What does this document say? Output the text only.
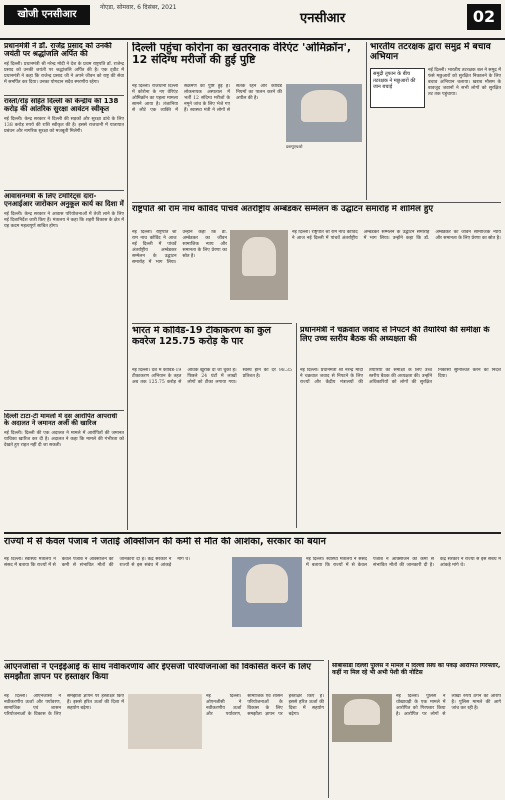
खोजी एनसीआर
नोएडा, सोमवार, 6 दिसंबर, 2021
एनसीआर	02
प्रधानमंत्री ने डॉ. राजेंद्र प्रसाद को उनकी जयंती पर श्रद्धांजलि अर्पित की
नई दिल्ली। प्रधानमंत्री श्री नरेन्द्र मोदी ने देश के प्रथम राष्ट्रपति डॉ. राजेन्द्र प्रसाद को उनकी जयंती पर श्रद्धांजलि अर्पित की है। एक ट्वीट में प्रधानमंत्री ने कहा कि राजेन्द्र प्रसाद जी ने अपने जीवन को राष्ट्र की सेवा में समर्पित कर दिया। उनका योगदान सदैव स्मरणीय रहेगा।
रास्तों/रोड़ सहित दिल्ली को केन्द्रीय की 138 करोड़ की आंतरिक सुरक्षा आवंटन स्वीकृत
नई दिल्ली। केन्द्र सरकार ने दिल्ली की सड़कों और सुरक्षा ढांचे के लिए 138 करोड़ रुपये की राशि स्वीकृत की है। इससे राजधानी में यातायात प्रबंधन और नागरिक सुरक्षा को मजबूती मिलेगी।
आवासनमंत्री के लिए टर्मोरिट्स दारा- एनआईआर जारोकान अनुकूल कार्य का दिशा में
नई दिल्ली। केन्द्र सरकार ने आवास परियोजनाओं में तेजी लाने के लिए नई दिशानिर्देश जारी किए हैं। मंत्रालय ने कहा कि शहरी विकास के क्षेत्र में यह कदम महत्वपूर्ण साबित होगा।
दिल्ली टाटा-टी मामलों में दस आरोपित आपराधी के अदालत ने जमानत अर्जी की खारिज
नई दिल्ली। दिल्ली की एक अदालत ने मामले में आरोपितों की जमानत याचिका खारिज कर दी है। अदालत ने कहा कि मामले की गंभीरता को देखते हुए राहत नहीं दी जा सकती।
दिल्ली पहुंचा कोरोना का खतरनाक वेरिएंट 'ओमिक्रॉन', 12 संदिग्ध मरीजों की हुई पुष्टि
नई दिल्ली। राजधानी दिल्ली में कोरोना के नए वेरिएंट ओमिक्रॉन का पहला मामला सामने आया है। तंजानिया से लौटे एक व्यक्ति में संक्रमण की पुष्टि हुई है। लोकनायक अस्पताल में भर्ती 12 संदिग्ध मरीजों के नमूने जांच के लिए भेजे गए हैं। स्वास्थ्य मंत्री ने लोगों से सतर्क रहने और कोविड नियमों का पालन करने की अपील की है।
डब्ल्यूएचओ
भारतीय तटरक्षक द्वारा समुद्र में बचाव अभियान
समुद्री तूफान के बीच तटरक्षक ने मछुआरों की जान बचाई
नई दिल्ली। भारतीय तटरक्षक बल ने समुद्र में फंसे मछुआरों को सुरक्षित निकालने के लिए बचाव अभियान चलाया। खराब मौसम के बावजूद जवानों ने सभी लोगों को सुरक्षित तट तक पहुंचाया।
राष्ट्रपति श्री राम नाथ कोविंद पांचवें अंतर्राष्ट्रीय अम्बेडकर सम्मेलन के उद्घाटन समारोह में शामिल हुए
नई दिल्ली। राष्ट्रपति श्री राम नाथ कोविंद ने आज नई दिल्ली में पांचवें अंतर्राष्ट्रीय अम्बेडकर सम्मेलन के उद्घाटन समारोह में भाग लिया। उन्होंने कहा कि डॉ. अम्बेडकर का जीवन सामाजिक न्याय और समानता के लिए प्रेरणा का स्रोत है।
नई दिल्ली। राष्ट्रपति श्री राम नाथ कोविंद ने आज नई दिल्ली में पांचवें अंतर्राष्ट्रीय अम्बेडकर सम्मेलन के उद्घाटन समारोह में भाग लिया। उन्होंने कहा कि डॉ. अम्बेडकर का जीवन सामाजिक न्याय और समानता के लिए प्रेरणा का स्रोत है।
भारत में कोविड-19 टीकाकरण का कुल कवरेज 125.75 करोड़ के पार
नई दिल्ली। देश में कोविड-19 टीकाकरण अभियान के तहत अब तक 125.75 करोड़ से अधिक खुराकें दी जा चुकी हैं। पिछले 24 घंटों में लाखों लोगों को टीका लगाया गया। स्वस्थ होने की दर 98.35 प्रतिशत है।
प्रधानमंत्री ने चक्रवात जवाद से निपटने की तैयारियों की समीक्षा के लिए उच्च स्तरीय बैठक की अध्यक्षता की
नई दिल्ली। प्रधानमंत्री श्री नरेन्द्र मोदी ने चक्रवात जवाद से निपटने के लिए राज्यों और केंद्रीय मंत्रालयों की तैयारियों की समीक्षा के लिए उच्च स्तरीय बैठक की अध्यक्षता की। उन्होंने अधिकारियों को लोगों की सुरक्षित निकासी सुनिश्चित करने का निर्देश दिया।
राज्यों में से केवल पंजाब ने जताई ऑक्सीजन की कमी से मौत की आशंका, सरकार का बयान
नई दिल्ली। स्वास्थ्य मंत्रालय ने संसद में बताया कि राज्यों में से केवल पंजाब ने ऑक्सीजन की कमी से संभावित मौतों की जानकारी दी है। केंद्र सरकार ने राज्यों से इस संबंध में आंकड़े मांगे थे।	नई दिल्ली। स्वास्थ्य मंत्रालय ने संसद में बताया कि राज्यों में से केवल पंजाब ने ऑक्सीजन की कमी से संभावित मौतों की जानकारी दी है। केंद्र सरकार ने राज्यों से इस संबंध में आंकड़े मांगे थे।
ओएनजीसी ने एनईईआई के साथ नवीकरणीय और ईएसजी परियोजनाओं को विकसित करने के लिए समझौता ज्ञापन पर हस्ताक्षर किया
नई दिल्ली। ओएनजीसी ने नवीकरणीय ऊर्जा और पर्यावरण, सामाजिक एवं शासन परियोजनाओं के विकास के लिए समझौता ज्ञापन पर हस्ताक्षर किए हैं। इससे हरित ऊर्जा की दिशा में सहयोग बढ़ेगा।
नई दिल्ली। ओएनजीसी ने नवीकरणीय ऊर्जा और पर्यावरण, सामाजिक एवं शासन परियोजनाओं के विकास के लिए समझौता ज्ञापन पर हस्ताक्षर किए हैं। इससे हरित ऊर्जा की दिशा में सहयोग बढ़ेगा।
सीबीसीडी दिल्ली पुलिस ने मामले में दिल्ली सिंघ को पकड़े आरोपित गिरफ्तार, कहीं ना मिल रहे भी अभी पेशी की नोटिस
नई दिल्ली। पुलिस ने धोखाधड़ी के एक मामले में आरोपित को गिरफ्तार किया है। आरोपित पर लोगों से लाखों रुपये ठगने का आरोप है। पुलिस मामले की आगे जांच कर रही है।
